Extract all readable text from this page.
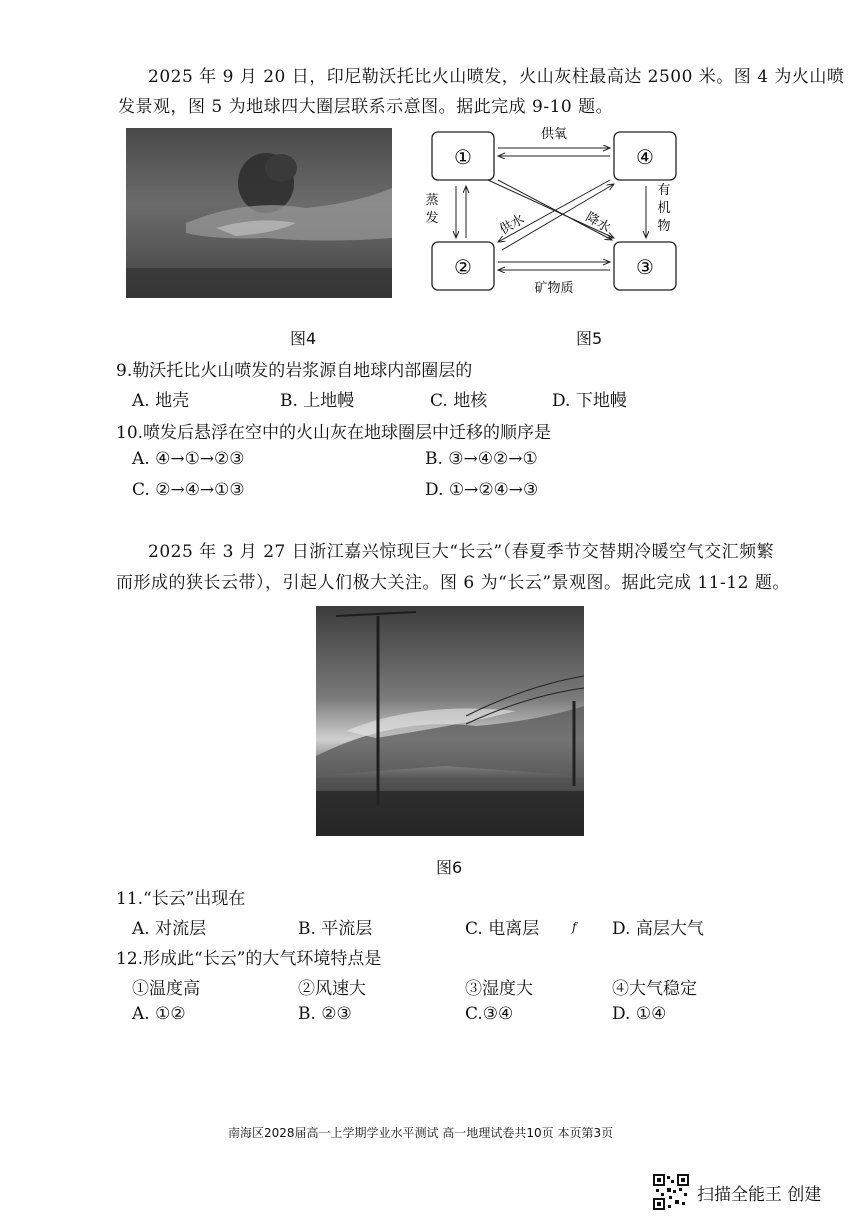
2025 年 9 月 20 日，印尼勒沃托比火山喷发，火山灰柱最高达 2500 米。图 4 为火山喷
发景观，图 5 为地球四大圈层联系示意图。据此完成 9-10 题。
图4
①	④
②	③
供氧
蒸
发
有
机
物
供水	降水
矿物质
图5
9.勒沃托比火山喷发的岩浆源自地球内部圈层的
A. 地壳	B. 上地幔	C. 地核	D. 下地幔
10.喷发后悬浮在空中的火山灰在地球圈层中迁移的顺序是
A. ④→①→②③	B. ③→④②→①
C. ②→④→①③	D. ①→②④→③
2025 年 3 月 27 日浙江嘉兴惊现巨大“长云”（春夏季节交替期冷暖空气交汇频繁
而形成的狭长云带），引起人们极大关注。图 6 为“长云”景观图。据此完成 11-12 题。
图6
11.“长云”出现在
A. 对流层	B. 平流层	C. 电离层	f D. 高层大气
12.形成此“长云”的大气环境特点是
①温度高	②风速大	③湿度大	④大气稳定
A. ①②	B. ②③	C.③④	D. ①④
南海区2028届高一上学期学业水平测试 高一地理试卷共10页 本页第3页
扫描全能王 创建
